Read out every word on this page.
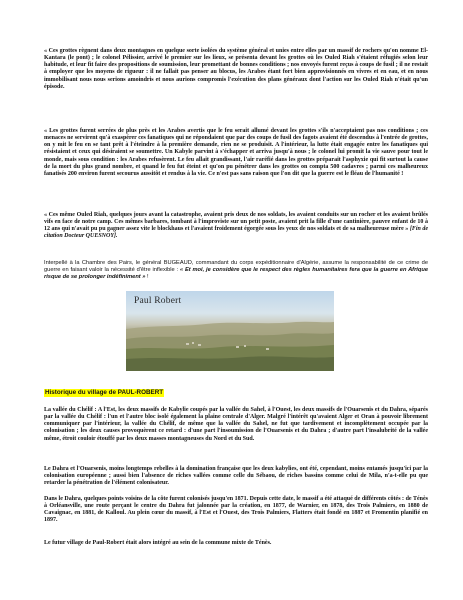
« Ces grottes règnent dans deux montagnes en quelque sorte isolées du système général et unies entre elles par un massif de rochers qu'on nomme El-Kantara (le pont) ; le colonel Pélissier, arrivé le premier sur les lieux, se présenta devant les grottes où les Ouled Riah s'étaient réfugiés selon leur habitude, et leur fit faire des propositions de soumission, leur promettant de bonnes conditions ; nos envoyés furent reçus à coups de fusil ; il ne restait à employer que les moyens de rigueur : il ne fallait pas penser au blocus, les Arabes étant fort bien approvisionnés en vivres et en eau, et en nous immobilisant nous nous serions amoindris et nous aurions compromis l'exécution des plans généraux dont l'action sur les Ouled Riah n'était qu'un épisode.

« Les grottes furent serrées de plus près et les Arabes avertis que le feu serait allumé devant les grottes s'ils n'acceptaient pas nos conditions ; ces menaces ne servirent qu'à exaspérer ces fanatiques qui ne répondaient que par des coups de fusil des fagots avaient été descendus à l'entrée de grottes, on y mit le feu en se tant prêt à l'éteindre à la première demande, rien ne se produisit. A l'intérieur, la lutte était engagée entre les fanatiques qui résistaient et ceux qui désiraient se soumettre. Un Kabyle parvint à s'échapper et arriva jusqu'à nous ; le colonel lui promit la vie sauve pour tout le monde, mais sous condition : les Arabes refusèrent. Le feu allait grandissant, l'air raréfié dans les grottes préparait l'asphyxie qui fit surtout la cause de la mort du plus grand nombre, et quand le feu fut éteint et qu'on pu pénétrer dans les grottes on compta 500 cadavres ; parmi ces malheureux fanatisés 200 environ furent secourus aussitôt et rendus à la vie. Ce n'est pas sans raison que l'on dit que la guerre est le fléau de l'humanité !

« Ces même Ouled Riah, quelques jours avant la catastrophe, avaient pris deux de nos soldats, les avaient conduits sur un rocher et les avaient brûlés vifs en face de notre camp. Ces mêmes barbares, tombant à l'improviste sur un petit poste, avaient prit la fille d'une cantinière, pauvre enfant de 10 à 12 ans qui n'avait pu pu gagner assez vite le blockhaus et l'avaient froidement égorgée sous les yeux de nos soldats et de sa malheureuse mère » [Fin de citation Docteur QUESNOY].

Interpellé à la Chambre des Pairs, le général BUGEAUD, commandant du corps expéditionnaire d'Algérie, assume la responsabilité de ce crime de guerre en faisant valoir la nécessité d'être inflexible : « Et moi, je considère que le respect des règles humanitaires fera que la guerre en Afrique risque de se prolonger indéfiniment » !

Paul Robert
Historique du village de PAUL-ROBERT

La vallée du Chélif : A l'Est, les deux massifs de Kabylie coupés par la vallée du Sahel, à l'Ouest, les deux massifs de l'Ouarsenis et du Dahra, séparés par la vallée du Chélif : l'un et l'autre bloc isolé également la plaine centrale d'Alger. Malgré l'intérêt qu'avaient Alger et Oran à pouvoir librement communiquer par l'intérieur, la vallée du Chélif, de même que la vallée du Sahel, ne fut que tardivement et incomplètement occupée par la colonisation ; les deux causes provoquèrent ce retard : d'une part l'insoumission de l'Ouarsenis et du Dahra ; d'autre part l'insalubrité de la vallée même, étroit couloir étouffé par les deux masses montagneuses du Nord et du Sud.

Le Dahra et l'Ouarsenis, moins longtemps rebelles à la domination française que les deux kabylies, ont été, cependant, moins entamés jusqu'ici par la colonisation européenne ; aussi bien l'absence de riches vallées comme celle du Sébaou, de riches bassins comme celui de Mila, n'a-t-elle pu que retarder la pénétration de l'élément colonisateur.

Dans le Dahra, quelques points voisins de la côte furent colonisés jusqu'en 1871. Depuis cette date, le massif a été attaqué de différents côtés : de Ténès à Orléansville, une route perçant le centre du Dahra fut jalonnée par la création, en 1877, de Warnier, en 1878, des Trois Palmiers, en 1880 de Cavaignac, en 1881, de Kalloul. Au plein cœur du massif, à l'Est et l'Ouest, des Trois Palmiers, Flatters était fondé en 1887 et Fromentin planifié en 1897.

Le futur village de Paul-Robert était alors intégré au sein de la commune mixte de Ténès.
